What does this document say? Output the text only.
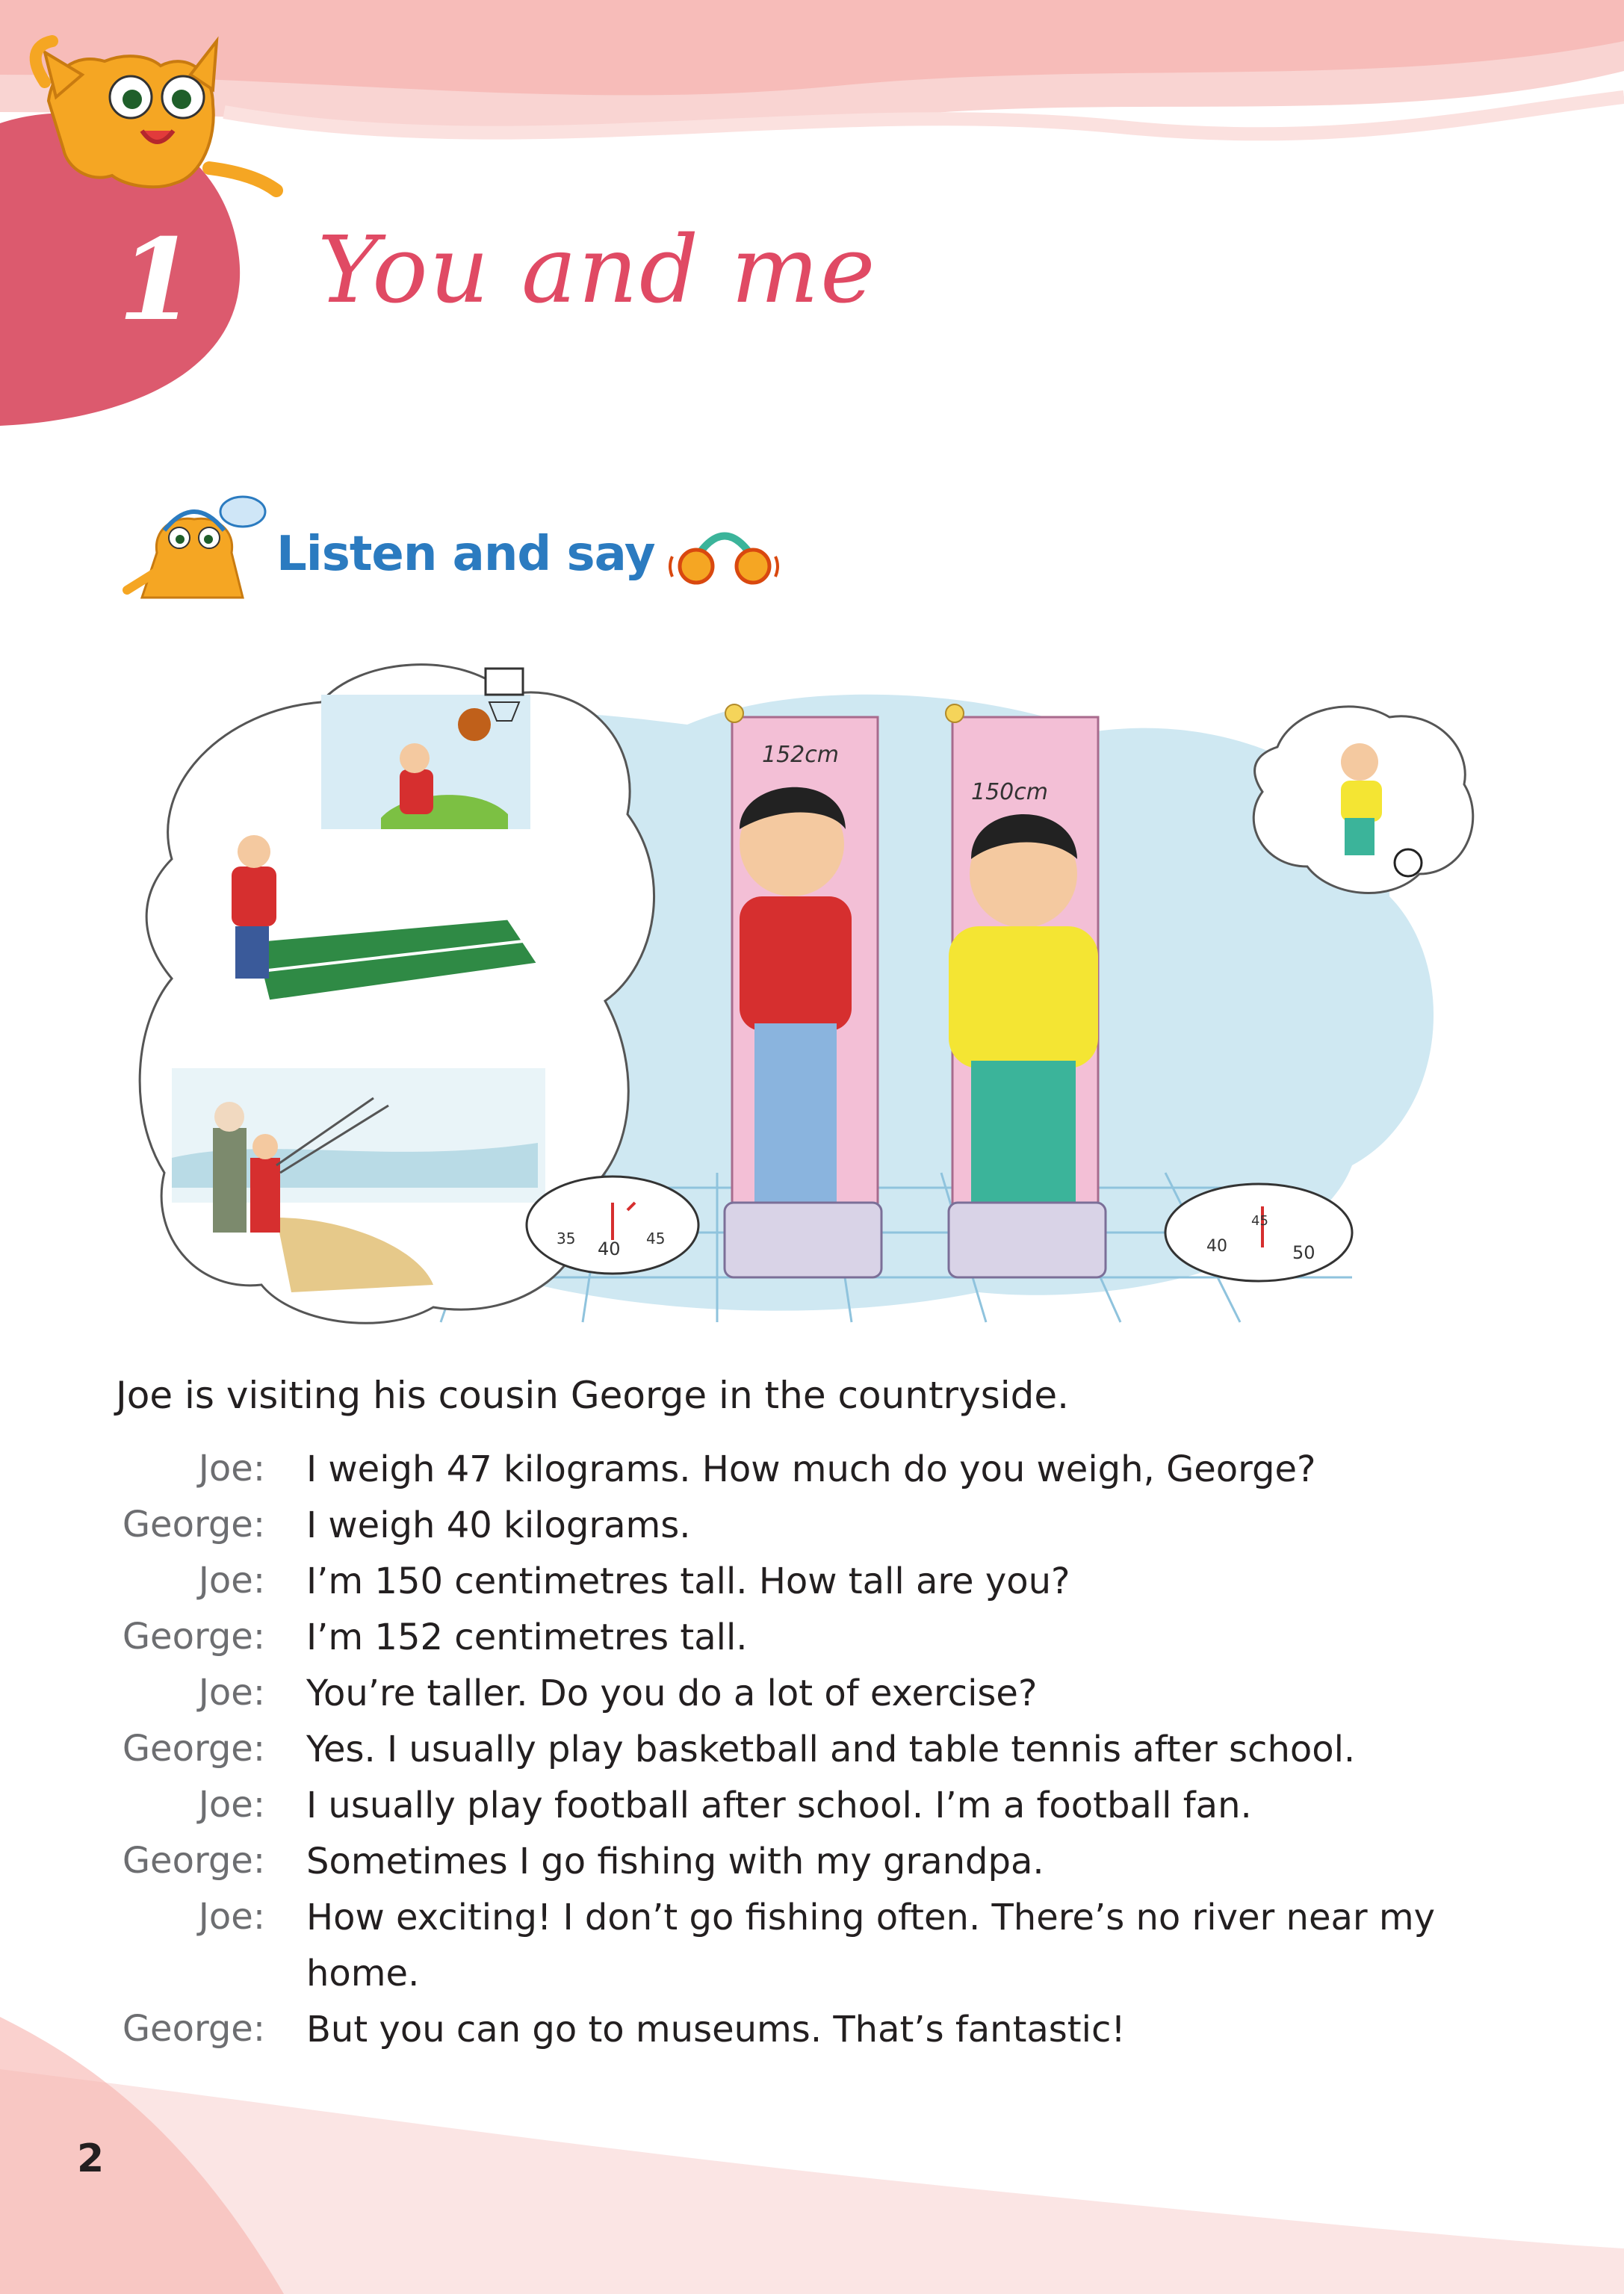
1 You and me
Listen and say
152cm
150cm
35 40 45	40
45
50
Joe is visiting his cousin George in the countryside.
Joe: I weigh 47 kilograms. How much do you weigh, George?
George: I weigh 40 kilograms.
Joe: I’m 150 centimetres tall. How tall are you?
George: I’m 152 centimetres tall.
Joe: You’re taller. Do you do a lot of exercise?
George: Yes. I usually play basketball and table tennis after school.
Joe: I usually play football after school. I’m a football fan.
George: Sometimes I go fishing with my grandpa.
Joe: How exciting! I don’t go fishing often. There’s no river near my home.
George: But you can go to museums. That’s fantastic!
2
